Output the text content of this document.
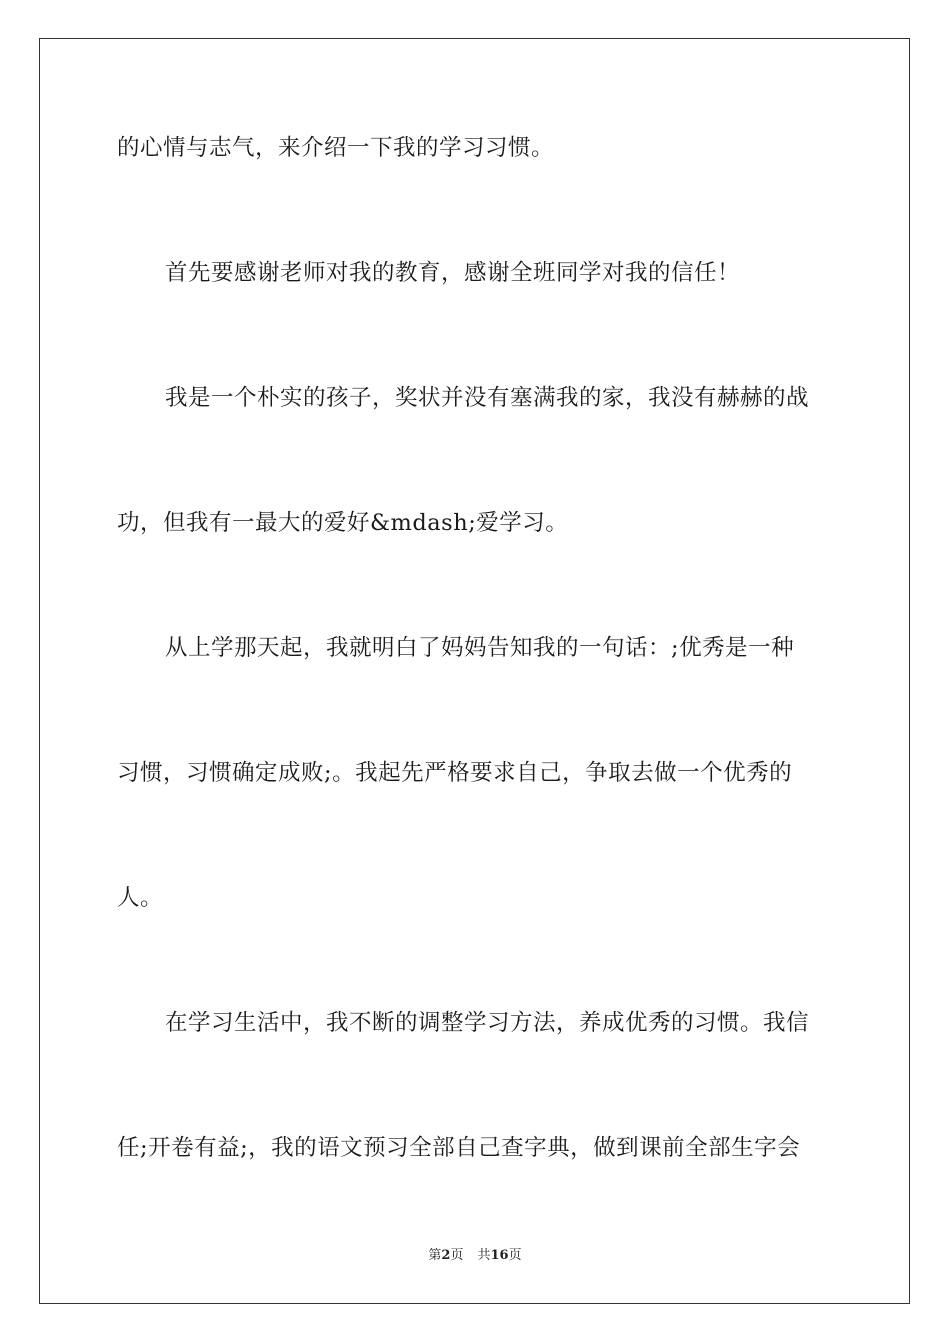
的心情与志气，来介绍一下我的学习习惯。
首先要感谢老师对我的教育，感谢全班同学对我的信任！
我是一个朴实的孩子，奖状并没有塞满我的家，我没有赫赫的战
功，但我有一最大的爱好&mdash;爱学习。
从上学那天起，我就明白了妈妈告知我的一句话：;优秀是一种
习惯，习惯确定成败;。我起先严格要求自己，争取去做一个优秀的
人。
在学习生活中，我不断的调整学习方法，养成优秀的习惯。我信
任;开卷有益;，我的语文预习全部自己查字典，做到课前全部生字会
第2页 共16页
